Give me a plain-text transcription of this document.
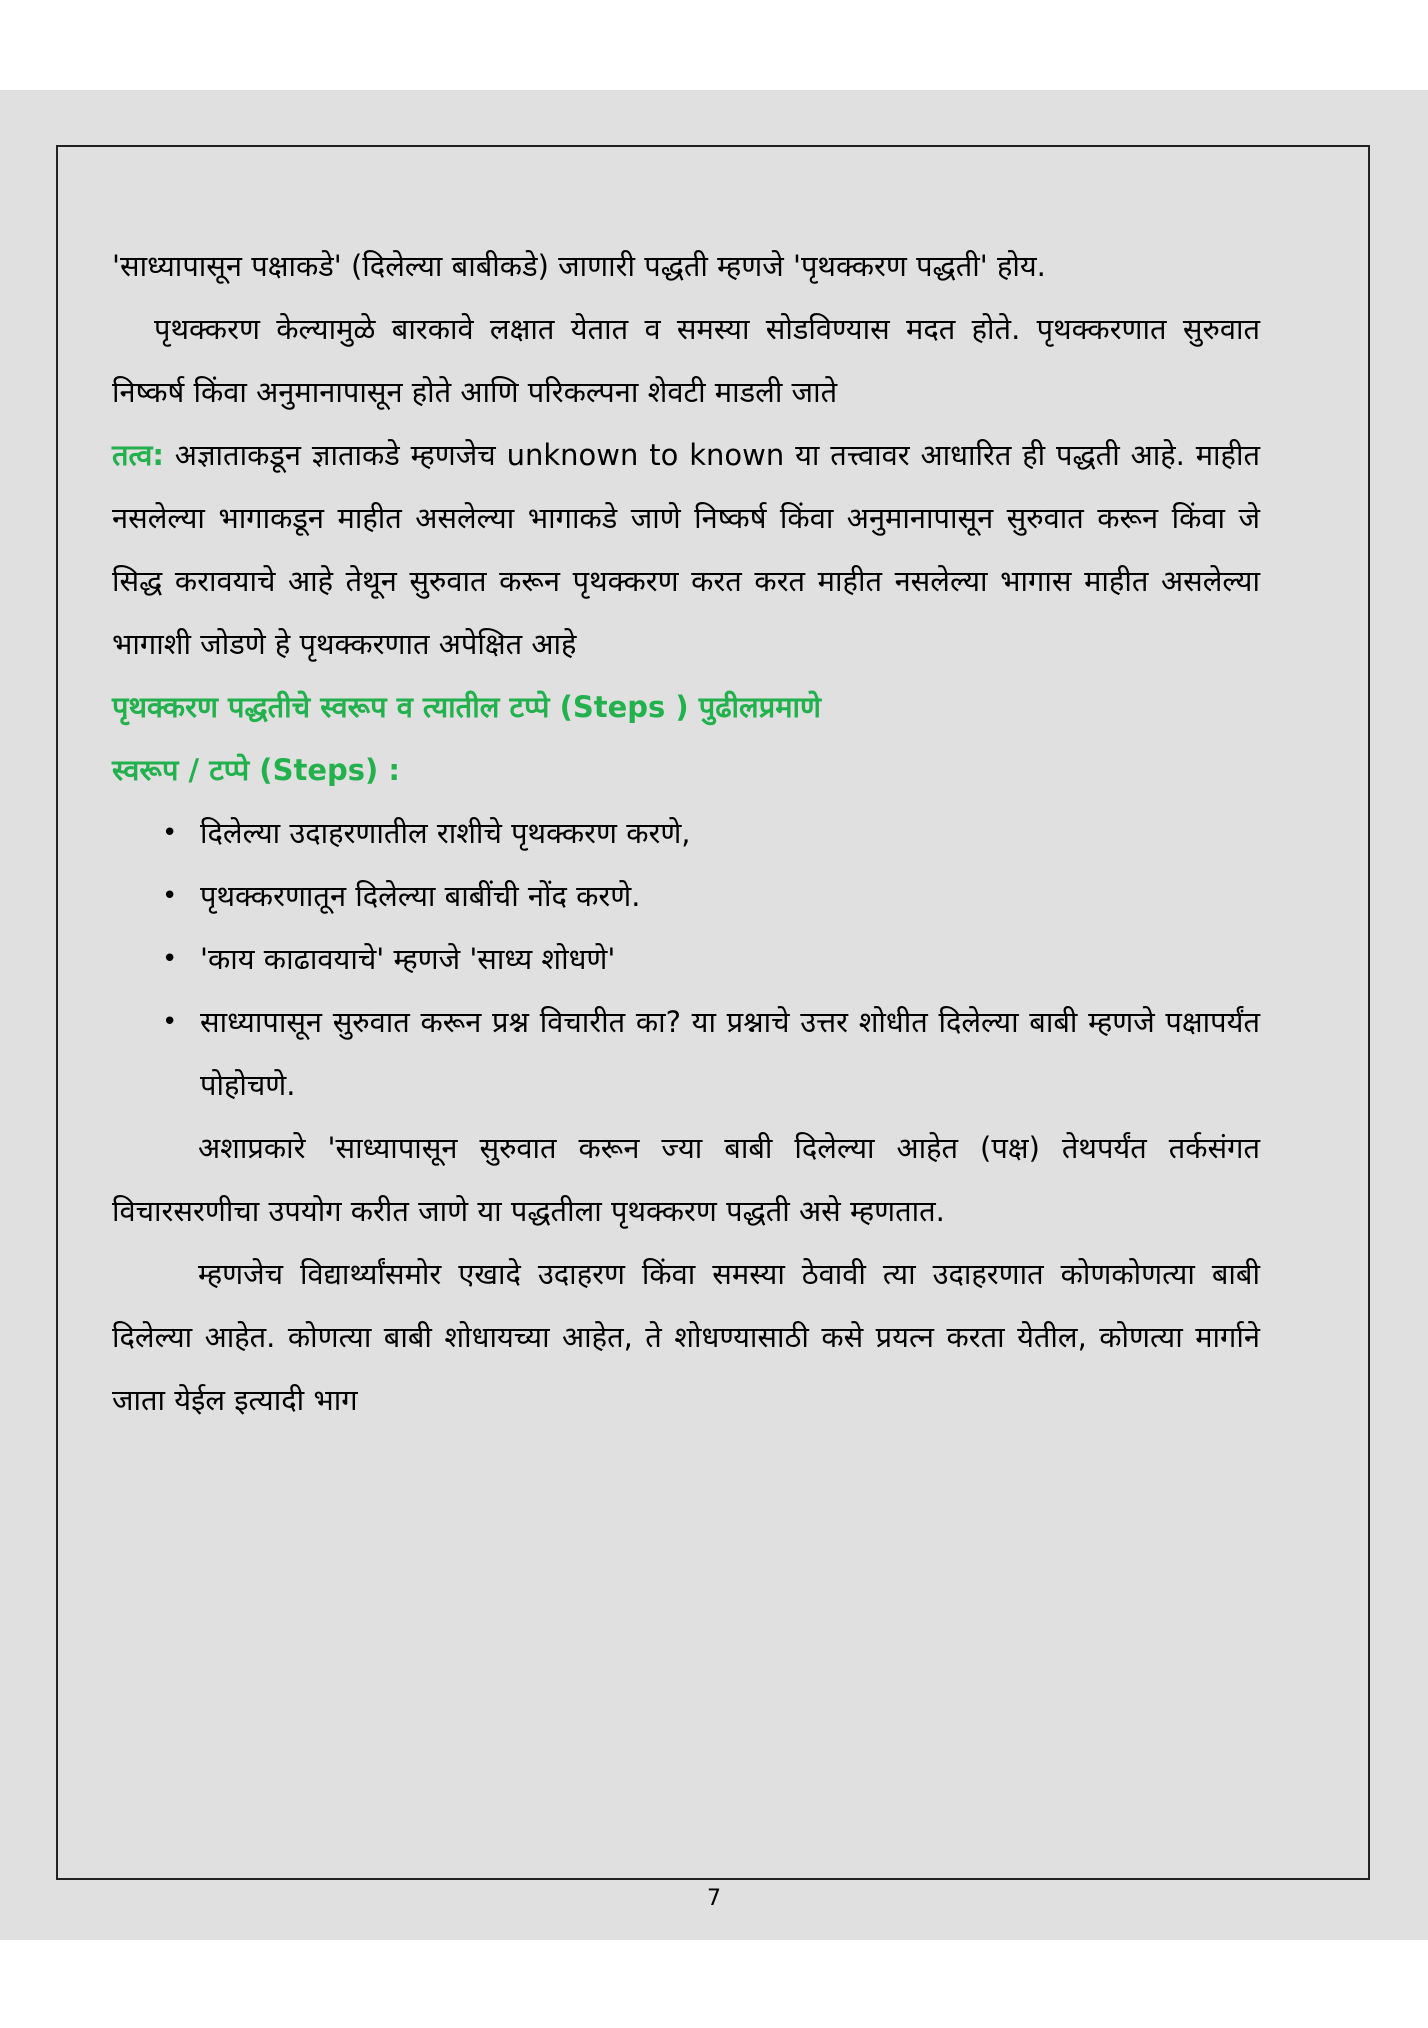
'साध्यापासून पक्षाकडे' (दिलेल्या बाबीकडे) जाणारी पद्धती म्हणजे 'पृथक्करण पद्धती' होय.

पृथक्करण केल्यामुळे बारकावे लक्षात येतात व समस्या सोडविण्यास मदत होते. पृथक्करणात सुरुवात निष्कर्ष किंवा अनुमानापासून होते आणि परिकल्पना शेवटी माडली जाते

तत्व: अज्ञाताकडून ज्ञाताकडे म्हणजेच unknown to known या तत्त्वावर आधारित ही पद्धती आहे. माहीत नसलेल्या भागाकडून माहीत असलेल्या भागाकडे जाणे निष्कर्ष किंवा अनुमानापासून सुरुवात करून किंवा जे सिद्ध करावयाचे आहे तेथून सुरुवात करून पृथक्करण करत करत माहीत नसलेल्या भागास माहीत असलेल्या भागाशी जोडणे हे पृथक्करणात अपेक्षित आहे

पृथक्करण पद्धतीचे स्वरूप व त्यातील टप्पे (Steps ) पुढीलप्रमाणे

स्वरूप / टप्पे (Steps) :

• दिलेल्या उदाहरणातील राशीचे पृथक्करण करणे,
• पृथक्करणातून दिलेल्या बाबींची नोंद करणे.
• 'काय काढावयाचे' म्हणजे 'साध्य शोधणे'
• साध्यापासून सुरुवात करून प्रश्न विचारीत का? या प्रश्नाचे उत्तर शोधीत दिलेल्या बाबी म्हणजे पक्षापर्यंत पोहोचणे.

अशाप्रकारे 'साध्यापासून सुरुवात करून ज्या बाबी दिलेल्या आहेत (पक्ष) तेथपर्यंत तर्कसंगत विचारसरणीचा उपयोग करीत जाणे या पद्धतीला पृथक्करण पद्धती असे म्हणतात.

म्हणजेच विद्यार्थ्यांसमोर एखादे उदाहरण किंवा समस्या ठेवावी त्या उदाहरणात कोणकोणत्या बाबी दिलेल्या आहेत. कोणत्या बाबी शोधायच्या आहेत, ते शोधण्यासाठी कसे प्रयत्न करता येतील, कोणत्या मार्गाने जाता येईल इत्यादी भाग

7
